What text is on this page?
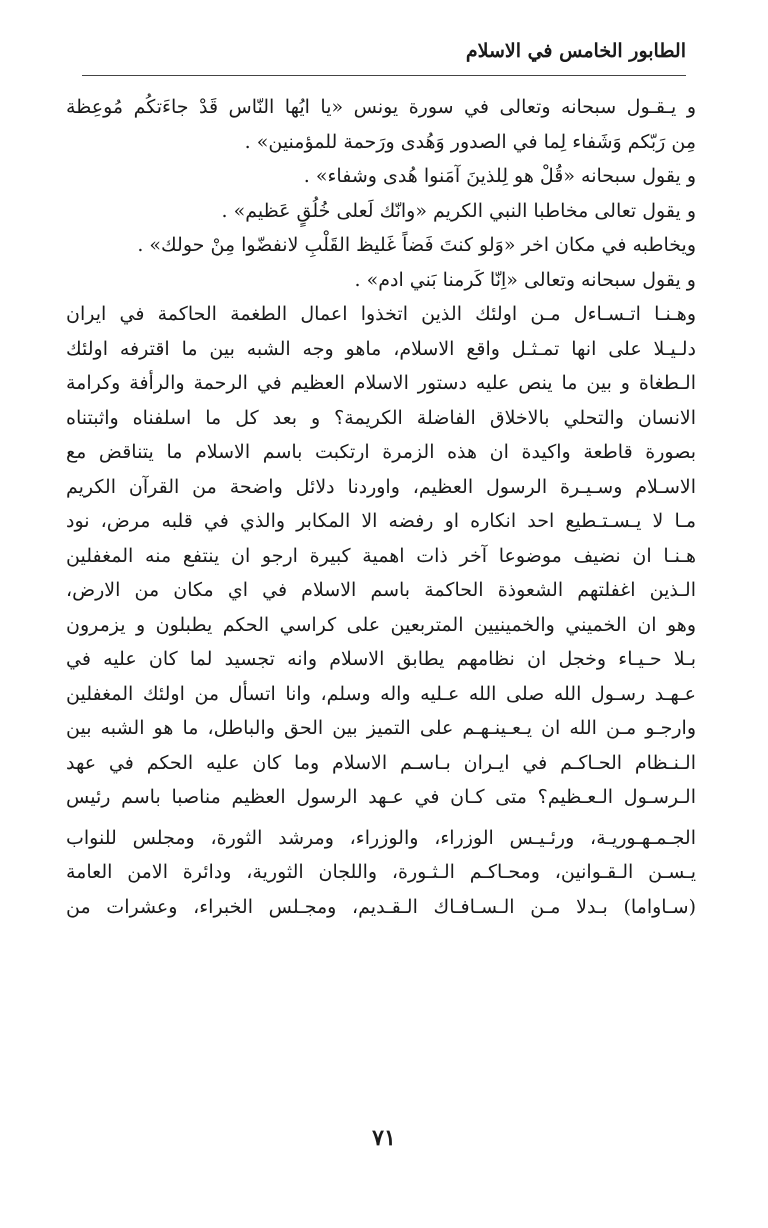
الطابور الخامس في الاسلام
و يـقـول سبحانه وتعالى في سورة يونس «يا ايُها النّاس قَدْ جاءَتكُم مُوعِظة
مِن رَبّكم وَشَفاء لِما في الصدور وَهُدى ورَحمة للمؤمنين» .
و يقول سبحانه «قُلْ هو لِلذينَ آمَنوا هُدى وشفاء» .
و يقول تعالى مخاطبا النبي الكريم «وانّك لَعلى خُلُقٍ عَظيم» .
ويخاطبه في مكان اخر «وَلو كنتَ فَضاً غَليظ القَلْبِ لانفضّوا مِنْ حولك» .
و يقول سبحانه وتعالى «اِنّا كَرمنا بَني ادم» .
وهـنـا اتـسـاءل مـن اولئك الذين اتخذوا اعمال الطغمة الحاكمة في ايران
دلـيـلا على انها تمـثـل واقع الاسلام، ماهو وجه الشبه بين ما اقترفه اولئك
الـطغاة و بين ما ينص عليه دستور الاسلام العظيم في الرحمة والرأفة وكرامة
الانسان والتحلي بالاخلاق الفاضلة الكريمة؟ و بعد كل ما اسلفناه واثبتناه
بصورة قاطعة واكيدة ان هذه الزمرة ارتكبت باسم الاسلام ما يتناقض مع
الاسـلام وسـيـرة الرسول العظيم، واوردنا دلائل واضحة من القرآن الكريم
مـا لا يـسـتـطيع احد انكاره او رفضه الا المكابر والذي في قلبه مرض، نود
هـنـا ان نضيف موضوعا آخر ذات اهمية كبيرة ارجو ان ينتفع منه المغفلين
الـذين اغفلتهم الشعوذة الحاكمة باسم الاسلام في اي مكان من الارض،
وهو ان الخميني والخمينيين المتربعين على كراسي الحكم يطبلون و يزمرون
بـلا حـيـاء وخجل ان نظامهم يطابق الاسلام وانه تجسيد لما كان عليه في
عـهـد رسـول الله صلى الله عـليه واله وسلم، وانا اتسأل من اولئك المغفلين
وارجـو مـن الله ان يـعـينـهـم على التميز بين الحق والباطل، ما هو الشبه بين
الـنـظام الحـاكـم في ايـران بـاسـم الاسلام وما كان عليه الحكم في عهد
الـرسـول الـعـظيم؟ متى كـان في عـهد الرسول العظيم مناصبا باسم رئيس
الجـمـهـوريـة، ورئـيـس الوزراء، والوزراء، ومرشد الثورة، ومجلس للنواب
يـسـن الـقـوانين، ومحـاكـم الـثـورة، واللجان الثورية، ودائرة الامن العامة
(سـاواما) بـدلا مـن الـسـافـاك الـقـديم، ومجـلس الخبراء، وعشرات من
٧١
